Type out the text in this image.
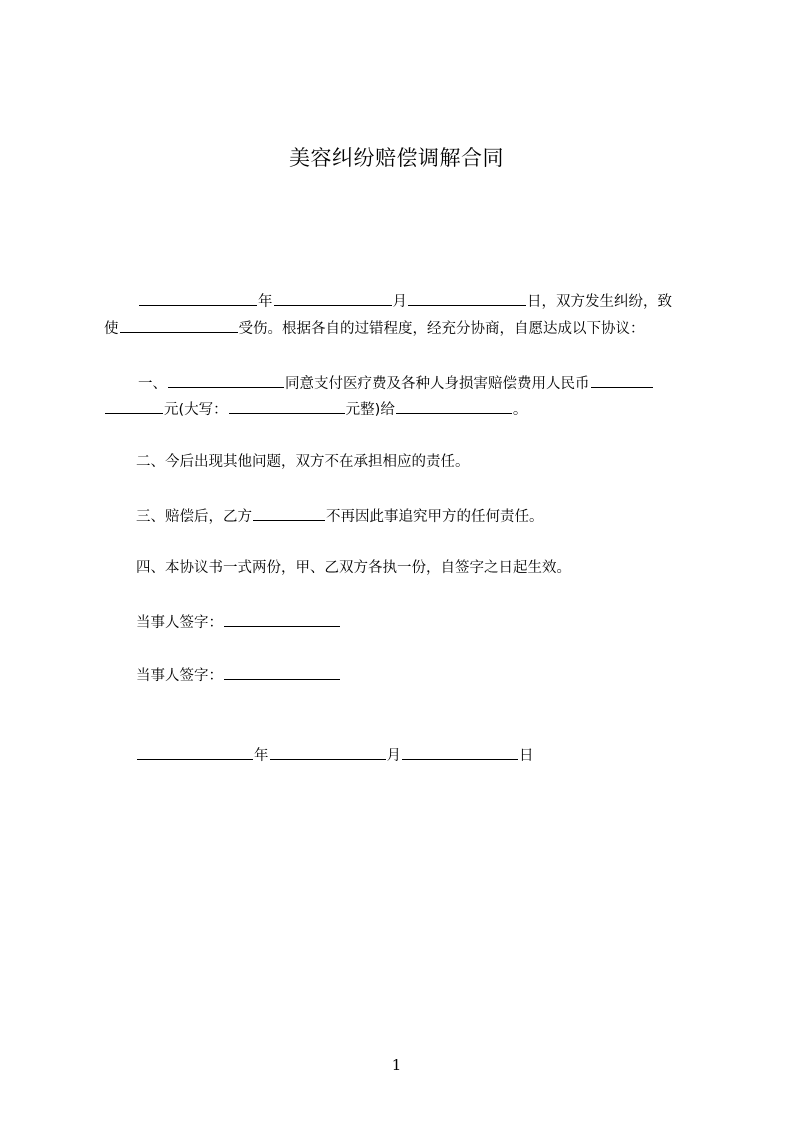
美容纠纷赔偿调解合同
年	月	日，双方发生纠纷，致
使	受伤。根据各自的过错程度，经充分协商，自愿达成以下协议：
一、	同意支付医疗费及各种人身损害赔偿费用人民币
元(大写：	元整)给	。
二、今后出现其他问题，双方不在承担相应的责任。
三、赔偿后，乙方	不再因此事追究甲方的任何责任。
四、本协议书一式两份，甲、乙双方各执一份，自签字之日起生效。
当事人签字：
当事人签字：
年	月	日
1
